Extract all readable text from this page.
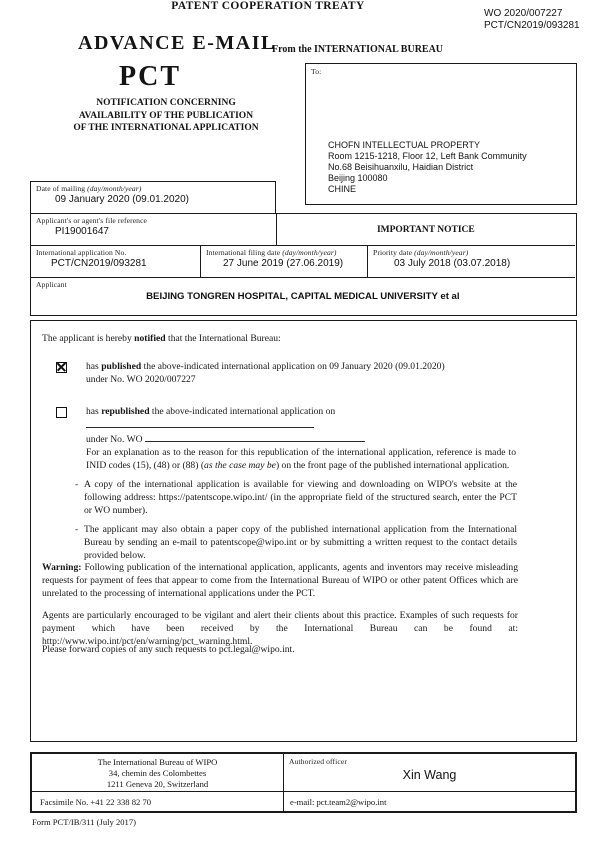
PATENT COOPERATION TREATY
WO 2020/007227
PCT/CN2019/093281
ADVANCE E-MAIL
From the INTERNATIONAL BUREAU
PCT
NOTIFICATION CONCERNING
AVAILABILITY OF THE PUBLICATION
OF THE INTERNATIONAL APPLICATION
To:
CHOFN INTELLECTUAL PROPERTY
Room 1215-1218, Floor 12, Left Bank Community
No.68 Beisihuanxilu, Haidian District
Beijing 100080
CHINE
Date of mailing (day/month/year)
09 January 2020 (09.01.2020)
Applicant's or agent's file reference
PI19001647	IMPORTANT NOTICE
International application No.
PCT/CN2019/093281
International filing date (day/month/year)
27 June 2019 (27.06.2019)
Priority date (day/month/year)
03 July 2018 (03.07.2018)
Applicant
BEIJING TONGREN HOSPITAL, CAPITAL MEDICAL UNIVERSITY et al
The applicant is hereby notified that the International Bureau:
has published the above-indicated international application on 09 January 2020 (09.01.2020)
under No. WO 2020/007227
has republished the above-indicated international application on
under No. WO
For an explanation as to the reason for this republication of the international application, reference is made to INID codes (15), (48) or (88) (as the case may be) on the front page of the published international application.
- A copy of the international application is available for viewing and downloading on WIPO's website at the following address: https://patentscope.wipo.int/ (in the appropriate field of the structured search, enter the PCT or WO number).
- The applicant may also obtain a paper copy of the published international application from the International Bureau by sending an e-mail to patentscope@wipo.int or by submitting a written request to the contact details provided below.
Warning: Following publication of the international application, applicants, agents and inventors may receive misleading requests for payment of fees that appear to come from the International Bureau of WIPO or other patent Offices which are unrelated to the processing of international applications under the PCT.
Agents are particularly encouraged to be vigilant and alert their clients about this practice. Examples of such requests for payment which have been received by the International Bureau can be found at: http://www.wipo.int/pct/en/warning/pct_warning.html.
Please forward copies of any such requests to pct.legal@wipo.int.
The International Bureau of WIPO
34, chemin des Colombettes
1211 Geneva 20, Switzerland
Authorized officer
Xin Wang
Facsimile No. +41 22 338 82 70	e-mail: pct.team2@wipo.int
Form PCT/IB/311 (July 2017)
